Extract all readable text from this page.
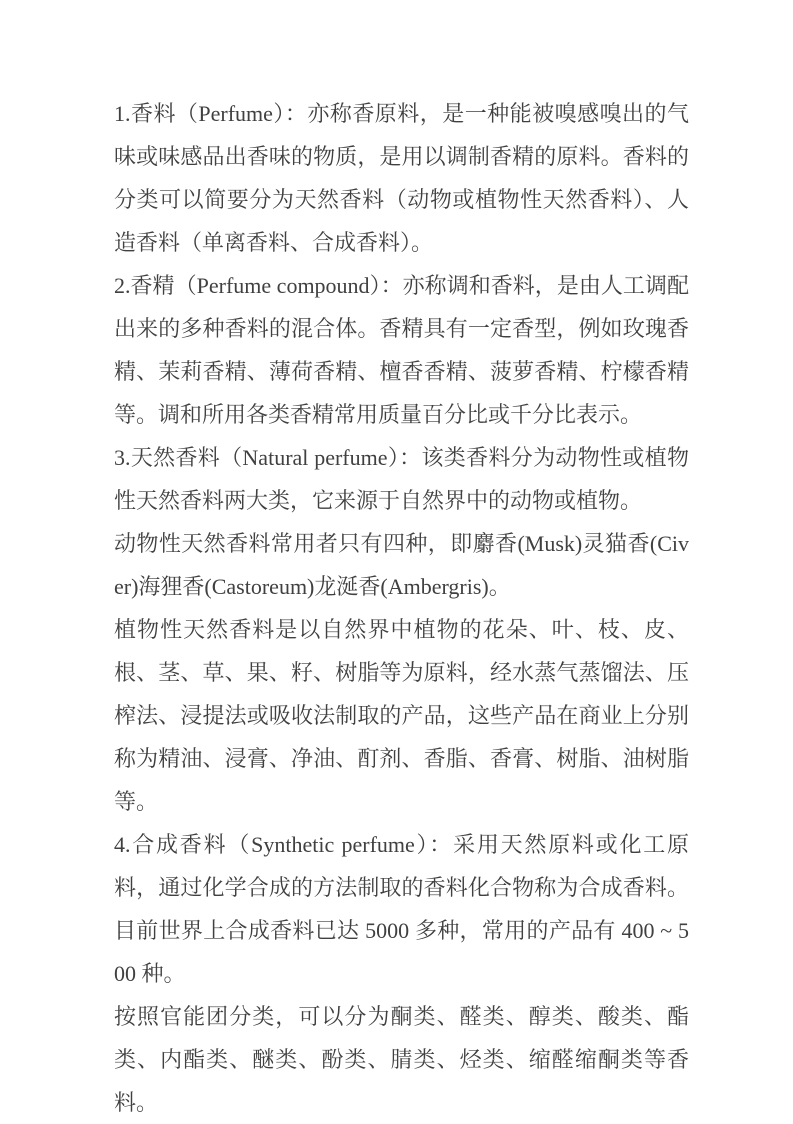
1.香料（Perfume）：亦称香原料，是一种能被嗅感嗅出的气味或味感品出香味的物质，是用以调制香精的原料。香料的分类可以简要分为天然香料（动物或植物性天然香料）、人造香料（单离香料、合成香料）。

2.香精（Perfume compound）：亦称调和香料，是由人工调配出来的多种香料的混合体。香精具有一定香型，例如玫瑰香精、茉莉香精、薄荷香精、檀香香精、菠萝香精、柠檬香精等。调和所用各类香精常用质量百分比或千分比表示。

3.天然香料（Natural perfume）：该类香料分为动物性或植物性天然香料两大类，它来源于自然界中的动物或植物。

动物性天然香料常用者只有四种，即麝香(Musk)灵猫香(Civer)海狸香(Castoreum)龙涎香(Ambergris)。

植物性天然香料是以自然界中植物的花朵、叶、枝、皮、根、茎、草、果、籽、树脂等为原料，经水蒸气蒸馏法、压榨法、浸提法或吸收法制取的产品，这些产品在商业上分别称为精油、浸膏、净油、酊剂、香脂、香膏、树脂、油树脂等。

4.合成香料（Synthetic perfume）：采用天然原料或化工原料，通过化学合成的方法制取的香料化合物称为合成香料。目前世界上合成香料已达 5000 多种，常用的产品有 400 ~ 500 种。

按照官能团分类，可以分为酮类、醛类、醇类、酸类、酯类、内酯类、醚类、酚类、腈类、烃类、缩醛缩酮类等香料。
